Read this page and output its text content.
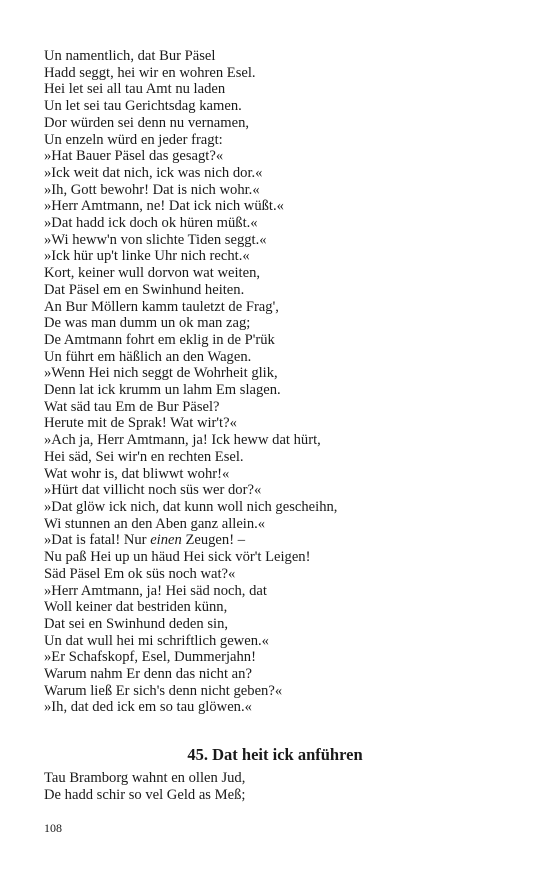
Un namentlich, dat Bur Päsel
Hadd seggt, hei wir en wohren Esel.
Hei let sei all tau Amt nu laden
Un let sei tau Gerichtsdag kamen.
Dor würden sei denn nu vernamen,
Un enzeln würd en jeder fragt:
»Hat Bauer Päsel das gesagt?«
»Ick weit dat nich, ick was nich dor.«
»Ih, Gott bewohr! Dat is nich wohr.«
»Herr Amtmann, ne! Dat ick nich wüßt.«
»Dat hadd ick doch ok hüren müßt.«
»Wi heww'n von slichte Tiden seggt.«
»Ick hür up't linke Uhr nich recht.«
Kort, keiner wull dorvon wat weiten,
Dat Päsel em en Swinhund heiten.
An Bur Möllern kamm tauletzt de Frag',
De was man dumm un ok man zag;
De Amtmann fohrt em eklig in de P'rük
Un führt em häßlich an den Wagen.
»Wenn Hei nich seggt de Wohrheit glik,
Denn lat ick krumm un lahm Em slagen.
Wat säd tau Em de Bur Päsel?
Herute mit de Sprak! Wat wir't?«
»Ach ja, Herr Amtmann, ja! Ick heww dat hürt,
Hei säd, Sei wir'n en rechten Esel.
Wat wohr is, dat bliwwt wohr!«
»Hürt dat villicht noch süs wer dor?«
»Dat glöw ick nich, dat kunn woll nich gescheihn,
Wi stunnen an den Aben ganz allein.«
»Dat is fatal! Nur einen Zeugen! –
Nu paß Hei up un häud Hei sick vör't Leigen!
Säd Päsel Em ok süs noch wat?«
»Herr Amtmann, ja! Hei säd noch, dat
Woll keiner dat bestriden künn,
Dat sei en Swinhund deden sin,
Un dat wull hei mi schriftlich gewen.«
»Er Schafskopf, Esel, Dummerjahn!
Warum nahm Er denn das nicht an?
Warum ließ Er sich's denn nicht geben?«
»Ih, dat ded ick em so tau glöwen.«
45. Dat heit ick anführen
Tau Bramborg wahnt en ollen Jud,
De hadd schir so vel Geld as Meß;
108
